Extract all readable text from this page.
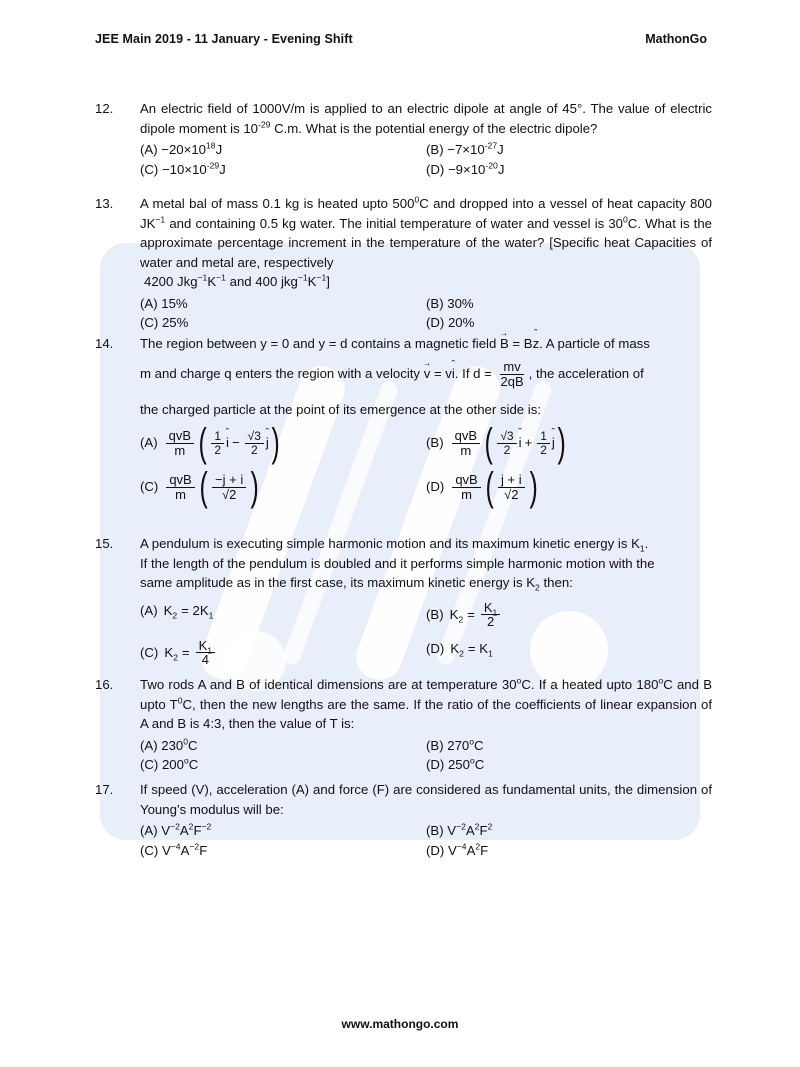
JEE Main 2019 - 11 January - Evening Shift	MathonGo
12.	An electric field of 1000V/m is applied to an electric dipole at angle of 45°. The value of electric dipole moment is $10^{-29}$ C.m. What is the potential energy of the electric dipole?
$(A) -20\times 10^{18}J$	$(B) -7\times 10^{-27}J$
$(C) -10\times 10^{-29}J$	$(D) -9\times 10^{-20}J$
13.	A metal bal of mass 0.1 kg is heated upto $500^0C$ and dropped into a vessel of heat capacity 800 $JK^{-1}$ and containing 0.5 kg water. The initial temperature of water and vessel is $30^0C$. What is the approximate percentage increment in the temperature of the water? [Specific heat Capacities of water and metal are, respectively
4200 $Jkg^{-1}K^{-1}$ and 400 $jkg^{-1}K^{-1}$]
(A) 15%	(B) 30%
(C) 25%	(D) 20%
14.	The region between y = 0 and y = d contains a magnetic field B → = Bz ˆ. A particle of mass
m and charge q enters the region with a velocity v → = vi ˆ. If $d = \frac{mv}{2qB}$ , the acceleration of
the charged particle at the point of its emergence at the other side is:
$(A) \frac{\text{qvB}}{m}$ ( $\frac{1}{2}$ i ˆ − $\frac{√3}{2}$ j ˆ )	$(B) \frac{\text{qvB}}{m}$ ( $\frac{√3}{2}$ i ˆ + $\frac{1}{2}$ j ˆ )
$(C) \frac{\text{qvB}}{m}$ ( $\frac{-j + i}{√2}$ )	$(D) \frac{\text{qvB}}{m}$ ( $\frac{j + i}{√2}$ )
15.	A pendulum is executing simple harmonic motion and its maximum kinetic energy is $K_1$.
If the length of the pendulum is doubled and it performs simple harmonic motion with the
same amplitude as in the first case, its maximum kinetic energy is $K_2$ then:
(A) $K_2 = 2K_1$	(B) $K_2 = \frac{K_1}{2}$
(C) $K_2 = \frac{K_1}{4}$	(D) $K_2 = K_1$
16.	Two rods A and B of identical dimensions are at temperature 30$^o$C. If a heated upto 180$^o$C and B upto $T^0C$, then the new lengths are the same. If the ratio of the coefficients of linear expansion of A and B is 4:3, then the value of T is:
(A) $230^0C$	(B) 270$^o$C
(C) 200$^o$C	(D) 250$^o$C
17.	If speed (V), acceleration (A) and force (F) are considered as fundamental units, the dimension of Young’s modulus will be:
(A) $V^{-2}A^2F^{-2}$	(B) $V^{-2}A^2F^2$
(C) $V^{-4}A^{-2}F$	(D) $V^{-4}A^2F$
www.mathongo.com
